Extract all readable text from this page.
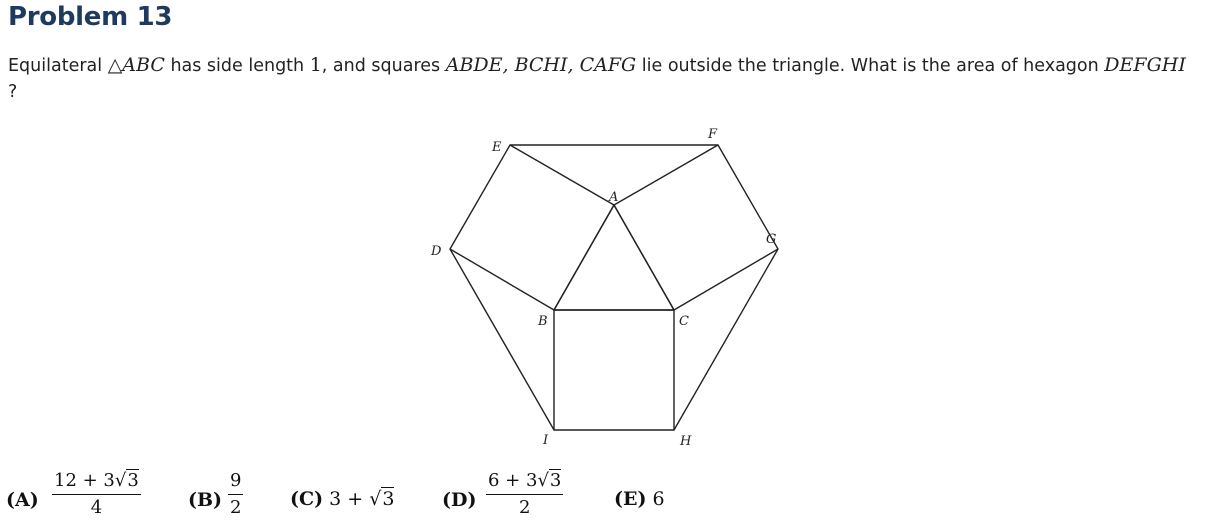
Problem 13
Equilateral △ABC has side length 1, and squares ABDE, BCHI, CAFG lie outside the triangle. What is the area of hexagon DEFGHI
?
A
B	C
D
E
F
G
H
I
$(A) \frac{12 + 3√3}{4} (B) \frac{9}{2} (C) 3 + √3$	$(D) \frac{6 + 3√3}{2}$	(E) 6
